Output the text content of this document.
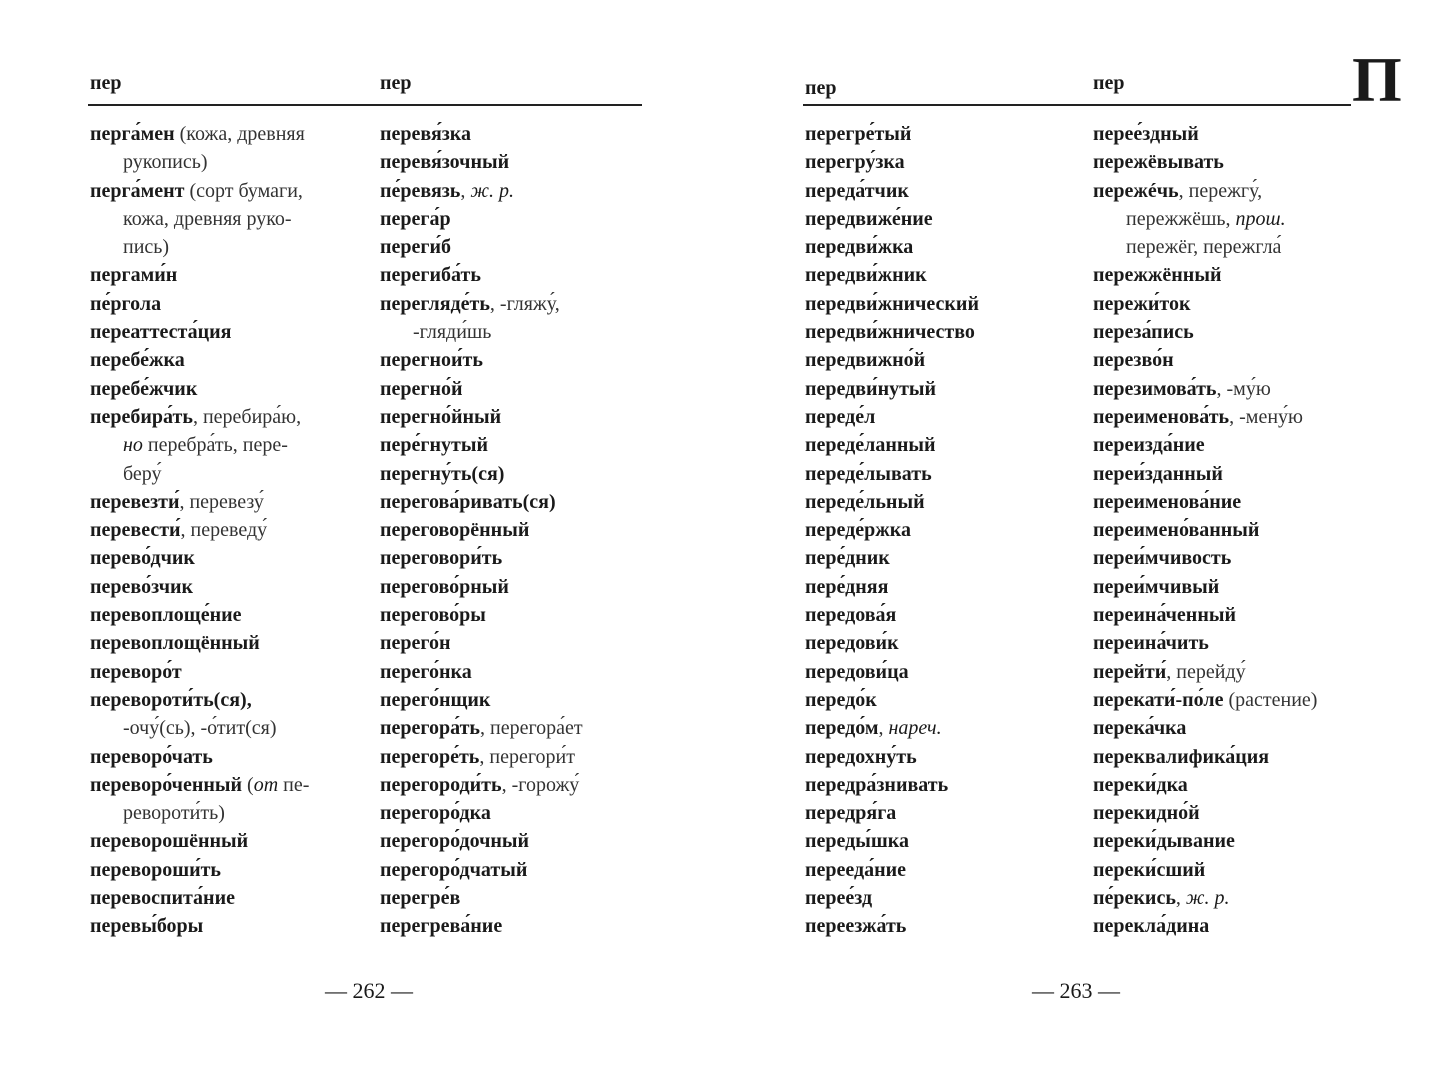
пер	пер
перга́мен (кожа, древняя
рукопись)
перга́мент (сорт бумаги,
кожа, древняя руко-
пись)
пергами́н
пе́ргола
переаттеста́ция
перебе́жка
перебе́жчик
перебира́ть, перебира́ю,
но перебра́ть, пере-
беру́
перевезти́, перевезу́
перевести́, переведу́
перево́дчик
перево́зчик
перевоплоще́ние
перевоплощённый
переворо́т
перевороти́ть(ся),
-очу́(сь), -о́тит(ся)
переворо́чать
переворо́ченный (от пе-
ревороти́ть)
переворошённый
перевороши́ть
перевоспита́ние
перевы́боры
перевя́зка
перевя́зочный
пе́ревязь, ж. р.
перега́р
переги́б
перегиба́ть
перегляде́ть, -гляжу́,
-гляди́шь
перегнои́ть
перегно́й
перегно́йный
пере́гнутый
перегну́ть(ся)
перегова́ривать(ся)
переговорённый
переговори́ть
перегово́рный
перегово́ры
перего́н
перего́нка
перего́нщик
перегора́ть, перегора́ет
перегоре́ть, перегори́т
перегороди́ть, -горожу́
перегоро́дка
перегоро́дочный
перегоро́дчатый
перегре́в
перегрева́ние
— 262 —
пер	пер
перегре́тый
перегру́зка
переда́тчик
передвиже́ние
передви́жка
передви́жник
передви́жнический
передви́жничество
передвижно́й
передви́нутый
переде́л
переде́ланный
переде́лывать
переде́льный
переде́ржка
пере́дник
пере́дняя
передова́я
передови́к
передови́ца
передо́к
передо́м, нареч.
передохну́ть
передра́знивать
передря́га
переды́шка
перееда́ние
перее́зд
переезжа́ть
перее́здный
пережёвывать
пережéчь, пережгу́,
пережжёшь, прош.
пережёг, пережгла́
пережжённый
пережи́ток
переза́пись
перезво́н
перезимова́ть, -му́ю
переименова́ть, -мену́ю
переизда́ние
переи́зданный
переименова́ние
переимено́ванный
переи́мчивость
переи́мчивый
переина́ченный
переина́чить
перейти́, перейду́
перекати́-по́ле (растение)
перека́чка
переквалифика́ция
переки́дка
перекидно́й
переки́дывание
переки́сший
пе́рекись, ж. р.
перекла́дина
— 263 —
П
